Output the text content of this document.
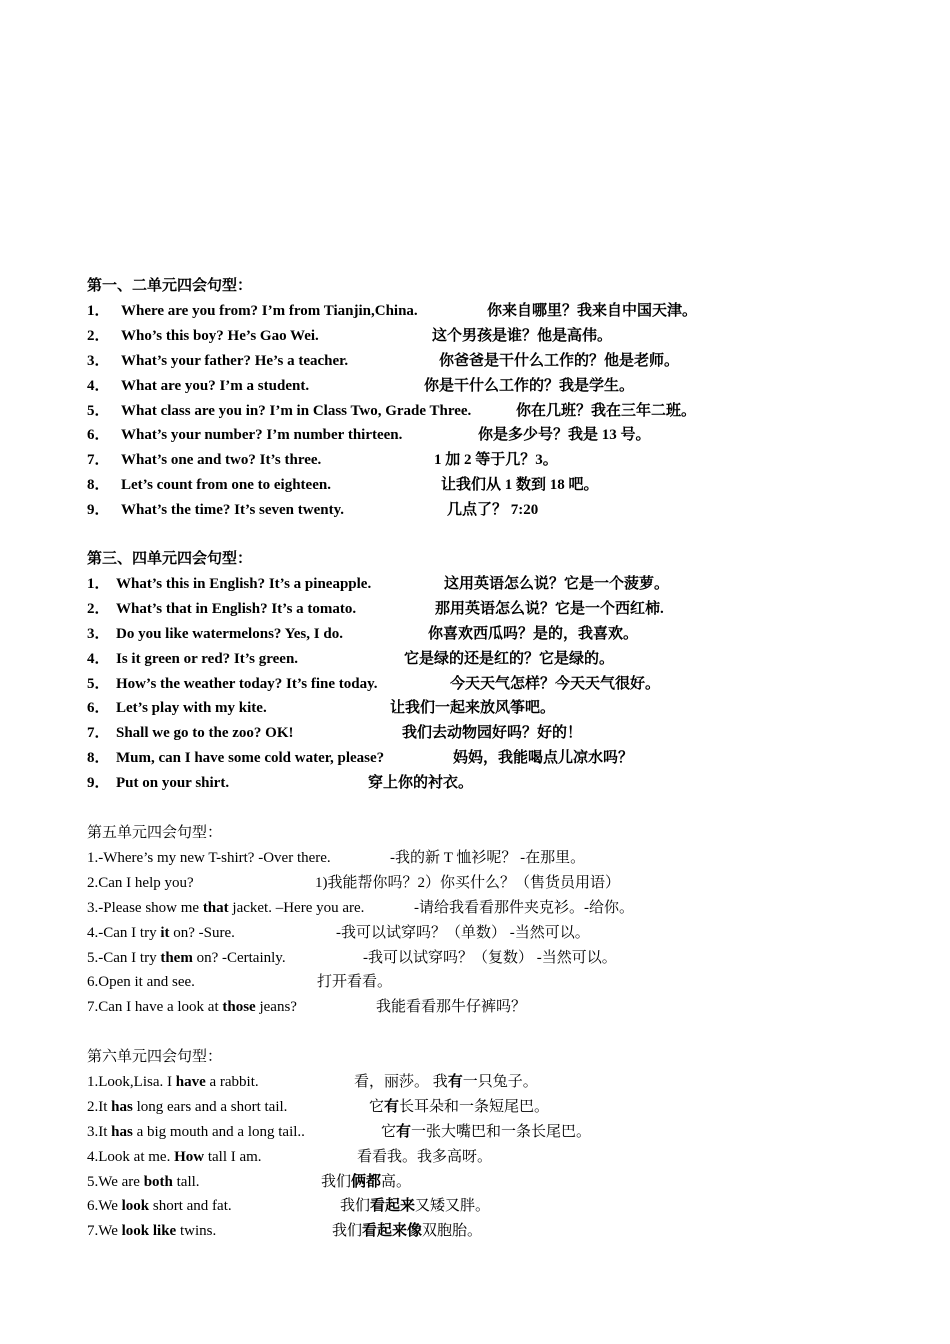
第一、二单元四会句型：
1． Where are you from? I’m from Tianjin,China.	你来自哪里？我来自中国天津。
2． Who’s this boy? He’s Gao Wei.	这个男孩是谁？他是高伟。
3． What’s your father? He’s a teacher.	你爸爸是干什么工作的？他是老师。
4． What are you? I’m a student.	你是干什么工作的？我是学生。
5． What class are you in? I’m in Class Two, Grade Three.	你在几班？我在三年二班。
6． What’s your number? I’m number thirteen.	你是多少号？我是 13 号。
7． What’s one and two? It’s three.	1 加 2 等于几？3。
8． Let’s count from one to eighteen.	让我们从 1 数到 18 吧。
9． What’s the time? It’s seven twenty.	几点了？ 7:20
第三、四单元四会句型：
1． What’s this in English? It’s a pineapple.	这用英语怎么说？它是一个菠萝。
2． What’s that in English? It’s a tomato.	那用英语怎么说？它是一个西红柿.
3． Do you like watermelons? Yes, I do.	你喜欢西瓜吗？是的，我喜欢。
4． Is it green or red? It’s green.	它是绿的还是红的？它是绿的。
5． How’s the weather today? It’s fine today.	今天天气怎样？今天天气很好。
6． Let’s play with my kite.	让我们一起来放风筝吧。
7． Shall we go to the zoo? OK!	我们去动物园好吗？好的！
8． Mum, can I have some cold water, please?	妈妈，我能喝点儿凉水吗？
9． Put on your shirt.	穿上你的衬衣。
第五单元四会句型：
1.-Where’s my new T-shirt? -Over there.	-我的新 T 恤衫呢？ -在那里。
2.Can I help you?	1)我能帮你吗？2）你买什么？（售货员用语）
3.-Please show me that jacket. –Here you are.	-请给我看看那件夹克衫。-给你。
4.-Can I try it on? -Sure.	-我可以试穿吗？（单数） -当然可以。
5.-Can I try them on? -Certainly.	-我可以试穿吗？（复数） -当然可以。
6.Open it and see.	打开看看。
7.Can I have a look at those jeans?	我能看看那牛仔裤吗？
第六单元四会句型：
1.Look,Lisa. I have a rabbit.	看，丽莎。 我有一只兔子。
2.It has long ears and a short tail.	它有长耳朵和一条短尾巴。
3.It has a big mouth and a long tail..	它有一张大嘴巴和一条长尾巴。
4.Look at me. How tall I am.	看看我。我多高呀。
5.We are both tall.	我们俩都高。
6.We look short and fat.	我们看起来又矮又胖。
7.We look like twins.	我们看起来像双胞胎。
